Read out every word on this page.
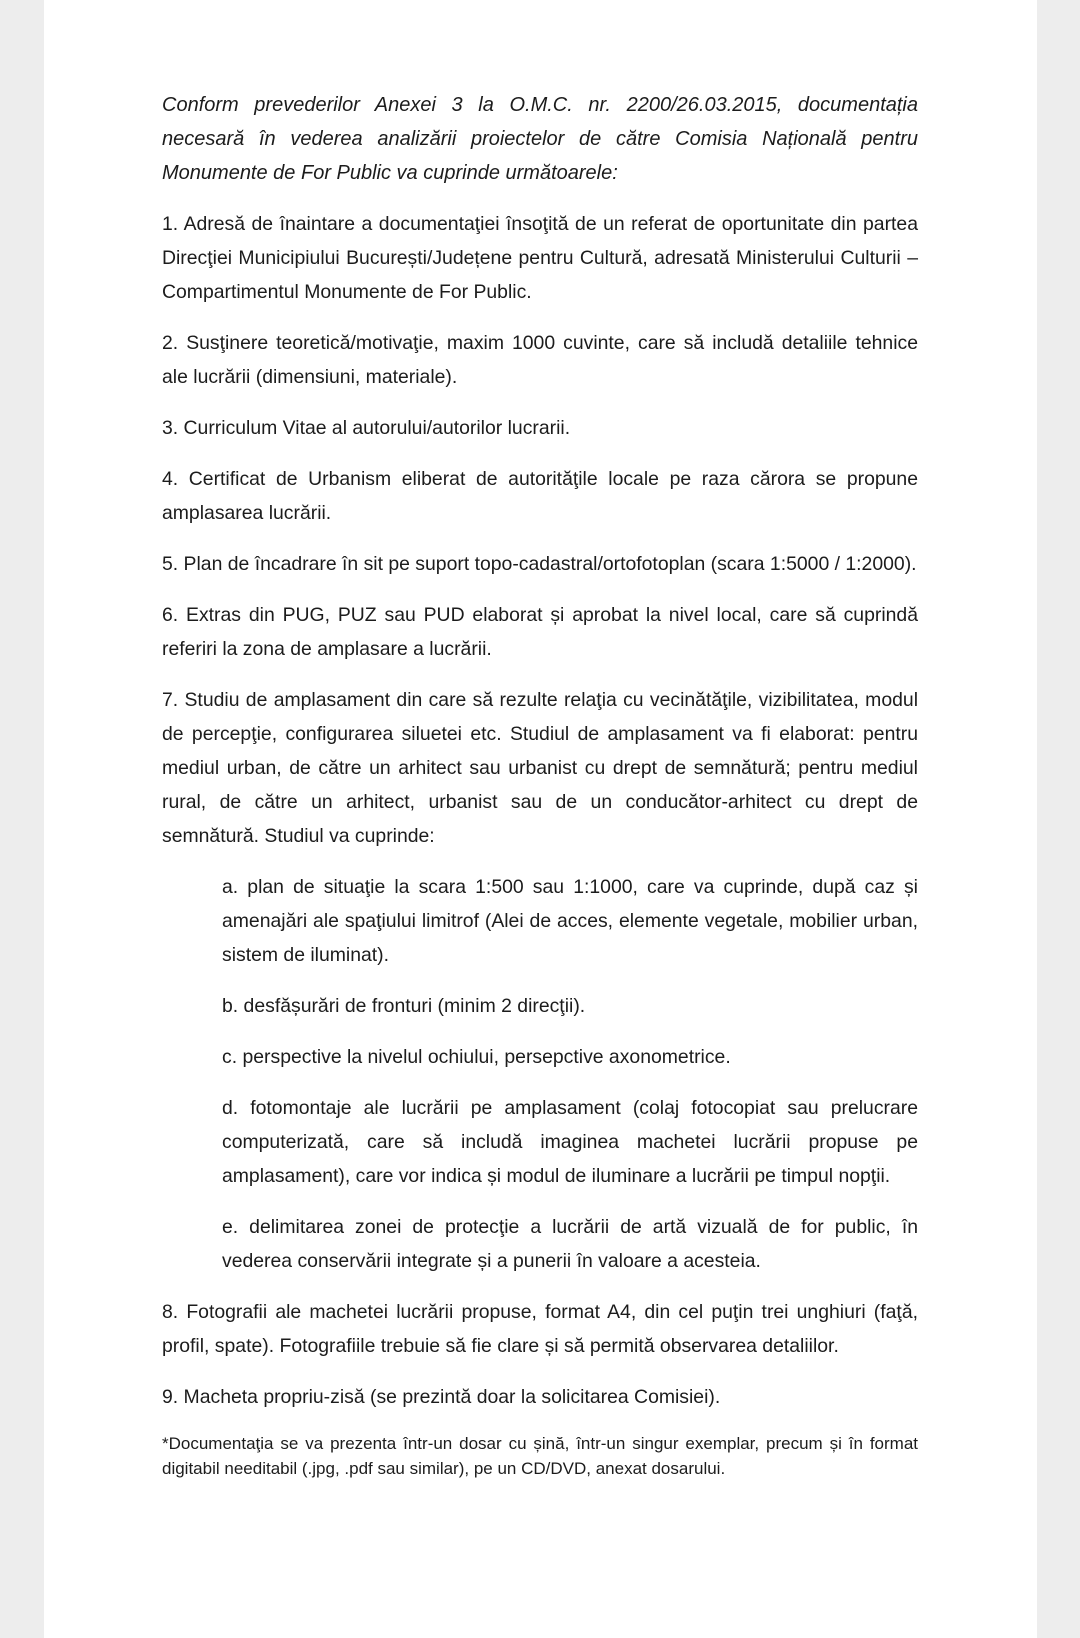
Conform prevederilor Anexei 3 la O.M.C. nr. 2200/26.03.2015, documentația necesară în vederea analizării proiectelor de către Comisia Națională pentru Monumente de For Public va cuprinde următoarele:

1. Adresă de înaintare a documentaţiei însoţită de un referat de oportunitate din partea Direcţiei Municipiului București/Județene pentru Cultură, adresată Ministerului Culturii – Compartimentul Monumente de For Public.

2. Susţinere teoretică/motivaţie, maxim 1000 cuvinte, care să includă detaliile tehnice ale lucrării (dimensiuni, materiale).

3. Curriculum Vitae al autorului/autorilor lucrarii.

4. Certificat de Urbanism eliberat de autorităţile locale pe raza cărora se propune amplasarea lucrării.

5. Plan de încadrare în sit pe suport topo-cadastral/ortofotoplan (scara 1:5000 / 1:2000).

6. Extras din PUG, PUZ sau PUD elaborat și aprobat la nivel local, care să cuprindă referiri la zona de amplasare a lucrării.

7. Studiu de amplasament din care să rezulte relaţia cu vecinătăţile, vizibilitatea, modul de percepţie, configurarea siluetei etc. Studiul de amplasament va fi elaborat: pentru mediul urban, de către un arhitect sau urbanist cu drept de semnătură; pentru mediul rural, de către un arhitect, urbanist sau de un conducător-arhitect cu drept de semnătură. Studiul va cuprinde:

a. plan de situaţie la scara 1:500 sau 1:1000, care va cuprinde, după caz și amenajări ale spaţiului limitrof (Alei de acces, elemente vegetale, mobilier urban, sistem de iluminat).

b. desfășurări de fronturi (minim 2 direcţii).

c. perspective la nivelul ochiului, persepctive axonometrice.

d. fotomontaje ale lucrării pe amplasament (colaj fotocopiat sau prelucrare computerizată, care să includă imaginea machetei lucrării propuse pe amplasament), care vor indica și modul de iluminare a lucrării pe timpul nopţii.

e. delimitarea zonei de protecţie a lucrării de artă vizuală de for public, în vederea conservării integrate și a punerii în valoare a acesteia.

8. Fotografii ale machetei lucrării propuse, format A4, din cel puţin trei unghiuri (faţă, profil, spate). Fotografiile trebuie să fie clare și să permită observarea detaliilor.

9. Macheta propriu-zisă (se prezintă doar la solicitarea Comisiei).

*Documentaţia se va prezenta într-un dosar cu șină, într-un singur exemplar, precum și în format digitabil needitabil (.jpg, .pdf sau similar), pe un CD/DVD, anexat dosarului.
